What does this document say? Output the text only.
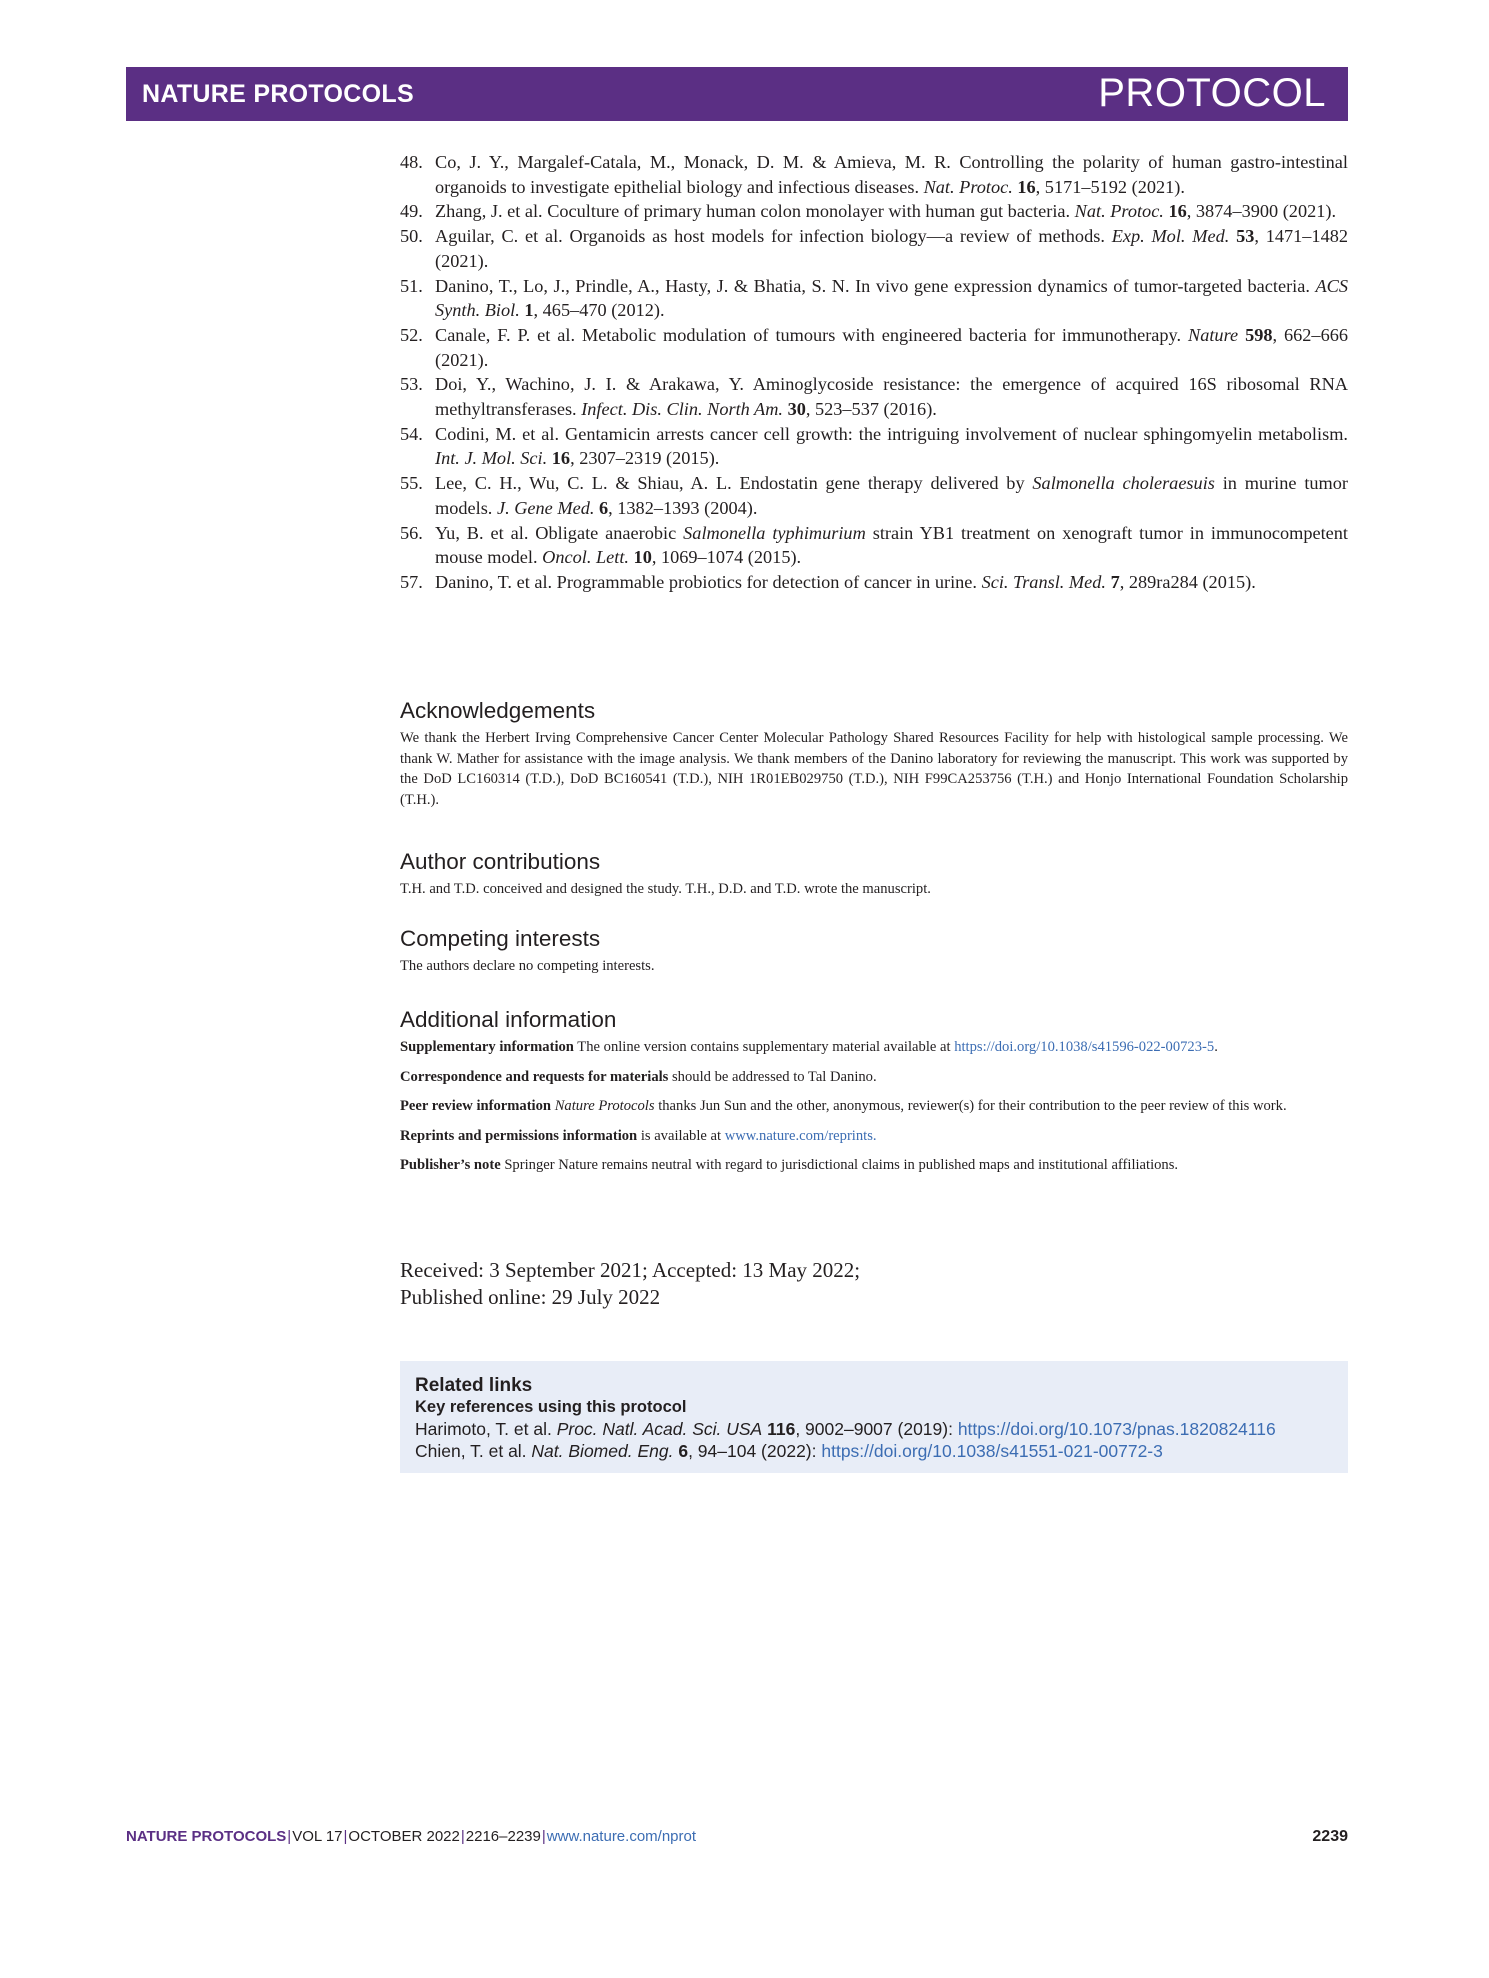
NATURE PROTOCOLS	PROTOCOL
48. Co, J. Y., Margalef-Catala, M., Monack, D. M. & Amieva, M. R. Controlling the polarity of human gastro-intestinal organoids to investigate epithelial biology and infectious diseases. Nat. Protoc. 16, 5171–5192 (2021).
49. Zhang, J. et al. Coculture of primary human colon monolayer with human gut bacteria. Nat. Protoc. 16, 3874–3900 (2021).
50. Aguilar, C. et al. Organoids as host models for infection biology—a review of methods. Exp. Mol. Med. 53, 1471–1482 (2021).
51. Danino, T., Lo, J., Prindle, A., Hasty, J. & Bhatia, S. N. In vivo gene expression dynamics of tumor-targeted bacteria. ACS Synth. Biol. 1, 465–470 (2012).
52. Canale, F. P. et al. Metabolic modulation of tumours with engineered bacteria for immunotherapy. Nature 598, 662–666 (2021).
53. Doi, Y., Wachino, J. I. & Arakawa, Y. Aminoglycoside resistance: the emergence of acquired 16S ribosomal RNA methyltransferases. Infect. Dis. Clin. North Am. 30, 523–537 (2016).
54. Codini, M. et al. Gentamicin arrests cancer cell growth: the intriguing involvement of nuclear sphingomyelin metabolism. Int. J. Mol. Sci. 16, 2307–2319 (2015).
55. Lee, C. H., Wu, C. L. & Shiau, A. L. Endostatin gene therapy delivered by Salmonella choleraesuis in murine tumor models. J. Gene Med. 6, 1382–1393 (2004).
56. Yu, B. et al. Obligate anaerobic Salmonella typhimurium strain YB1 treatment on xenograft tumor in immunocompetent mouse model. Oncol. Lett. 10, 1069–1074 (2015).
57. Danino, T. et al. Programmable probiotics for detection of cancer in urine. Sci. Transl. Med. 7, 289ra284 (2015).
Acknowledgements
We thank the Herbert Irving Comprehensive Cancer Center Molecular Pathology Shared Resources Facility for help with histological sample processing. We thank W. Mather for assistance with the image analysis. We thank members of the Danino laboratory for reviewing the manuscript. This work was supported by the DoD LC160314 (T.D.), DoD BC160541 (T.D.), NIH 1R01EB029750 (T.D.), NIH F99CA253756 (T.H.) and Honjo International Foundation Scholarship (T.H.).
Author contributions
T.H. and T.D. conceived and designed the study. T.H., D.D. and T.D. wrote the manuscript.
Competing interests
The authors declare no competing interests.
Additional information

Supplementary information The online version contains supplementary material available at https://doi.org/10.1038/s41596-022-00723-5.

Correspondence and requests for materials should be addressed to Tal Danino.

Peer review information Nature Protocols thanks Jun Sun and the other, anonymous, reviewer(s) for their contribution to the peer review of this work.

Reprints and permissions information is available at www.nature.com/reprints.

Publisher’s note Springer Nature remains neutral with regard to jurisdictional claims in published maps and institutional affiliations.

Received: 3 September 2021; Accepted: 13 May 2022;
Published online: 29 July 2022
Related links
Key references using this protocol
Harimoto, T. et al. Proc. Natl. Acad. Sci. USA 116, 9002–9007 (2019): https://doi.org/10.1073/pnas.1820824116
Chien, T. et al. Nat. Biomed. Eng. 6, 94–104 (2022): https://doi.org/10.1038/s41551-021-00772-3
NATURE PROTOCOLS|VOL 17|OCTOBER 2022|2216–2239|www.nature.com/nprot	2239
